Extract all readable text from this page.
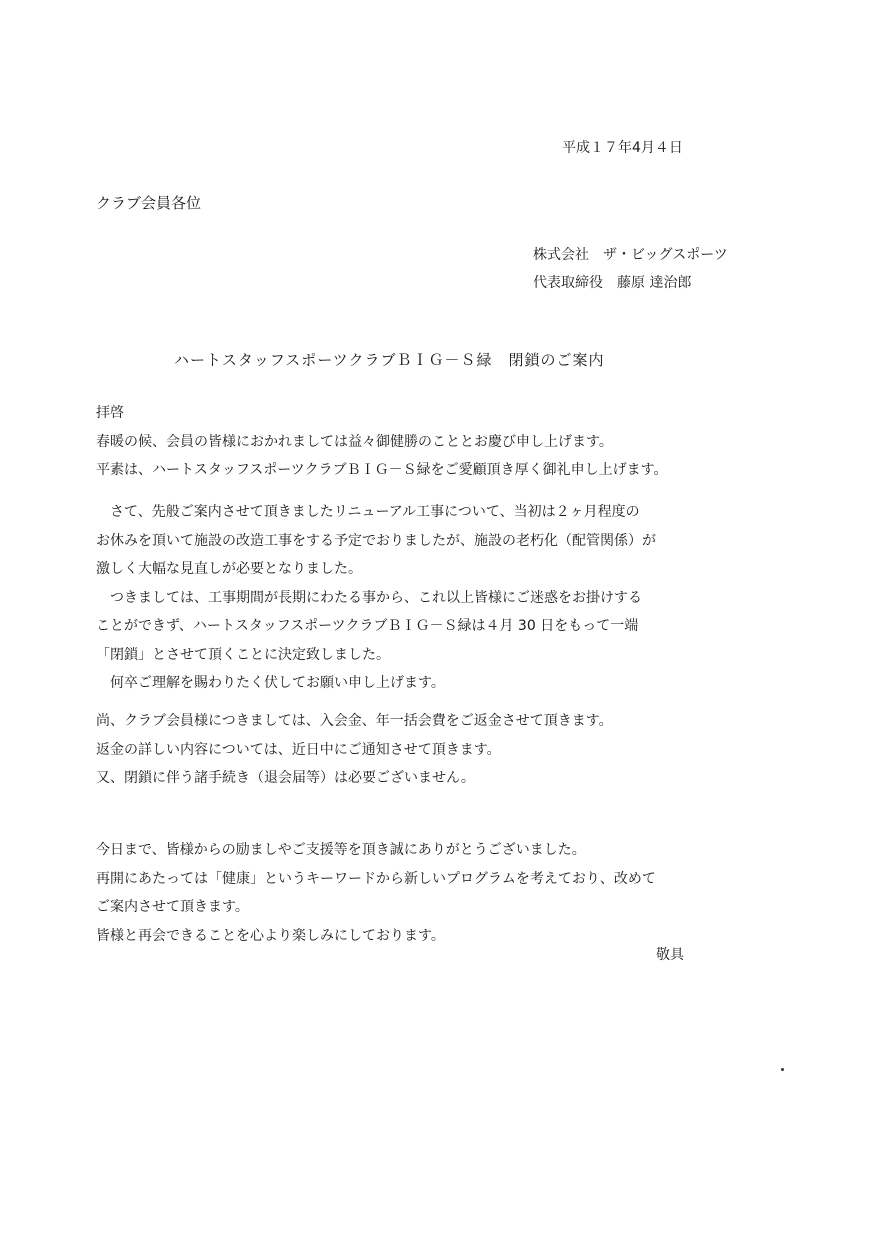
平成１７年4月４日
クラブ会員各位
株式会社　ザ・ビッグスポーツ
代表取締役　藤原 達治郎
ハートスタッフスポーツクラブＢＩＧ－Ｓ緑　閉鎖のご案内
拝啓
春暖の候、会員の皆様におかれましては益々御健勝のこととお慶び申し上げます。
平素は、ハートスタッフスポーツクラブＢＩＧ－Ｓ緑をご愛顧頂き厚く御礼申し上げます。
　さて、先般ご案内させて頂きましたリニューアル工事について、当初は２ヶ月程度の
お休みを頂いて施設の改造工事をする予定でおりましたが、施設の老朽化（配管関係）が
激しく大幅な見直しが必要となりました。
　つきましては、工事期間が長期にわたる事から、これ以上皆様にご迷惑をお掛けする
ことができず、ハートスタッフスポーツクラブＢＩＧ－Ｓ緑は４月 30 日をもって一端
「閉鎖」とさせて頂くことに決定致しました。
　何卒ご理解を賜わりたく伏してお願い申し上げます。
尚、クラブ会員様につきましては、入会金、年一括会費をご返金させて頂きます。
返金の詳しい内容については、近日中にご通知させて頂きます。
又、閉鎖に伴う諸手続き（退会届等）は必要ございません。
今日まで、皆様からの励ましやご支援等を頂き誠にありがとうございました。
再開にあたっては「健康」というキーワードから新しいプログラムを考えており、改めて
ご案内させて頂きます。
皆様と再会できることを心より楽しみにしております。
敬具
